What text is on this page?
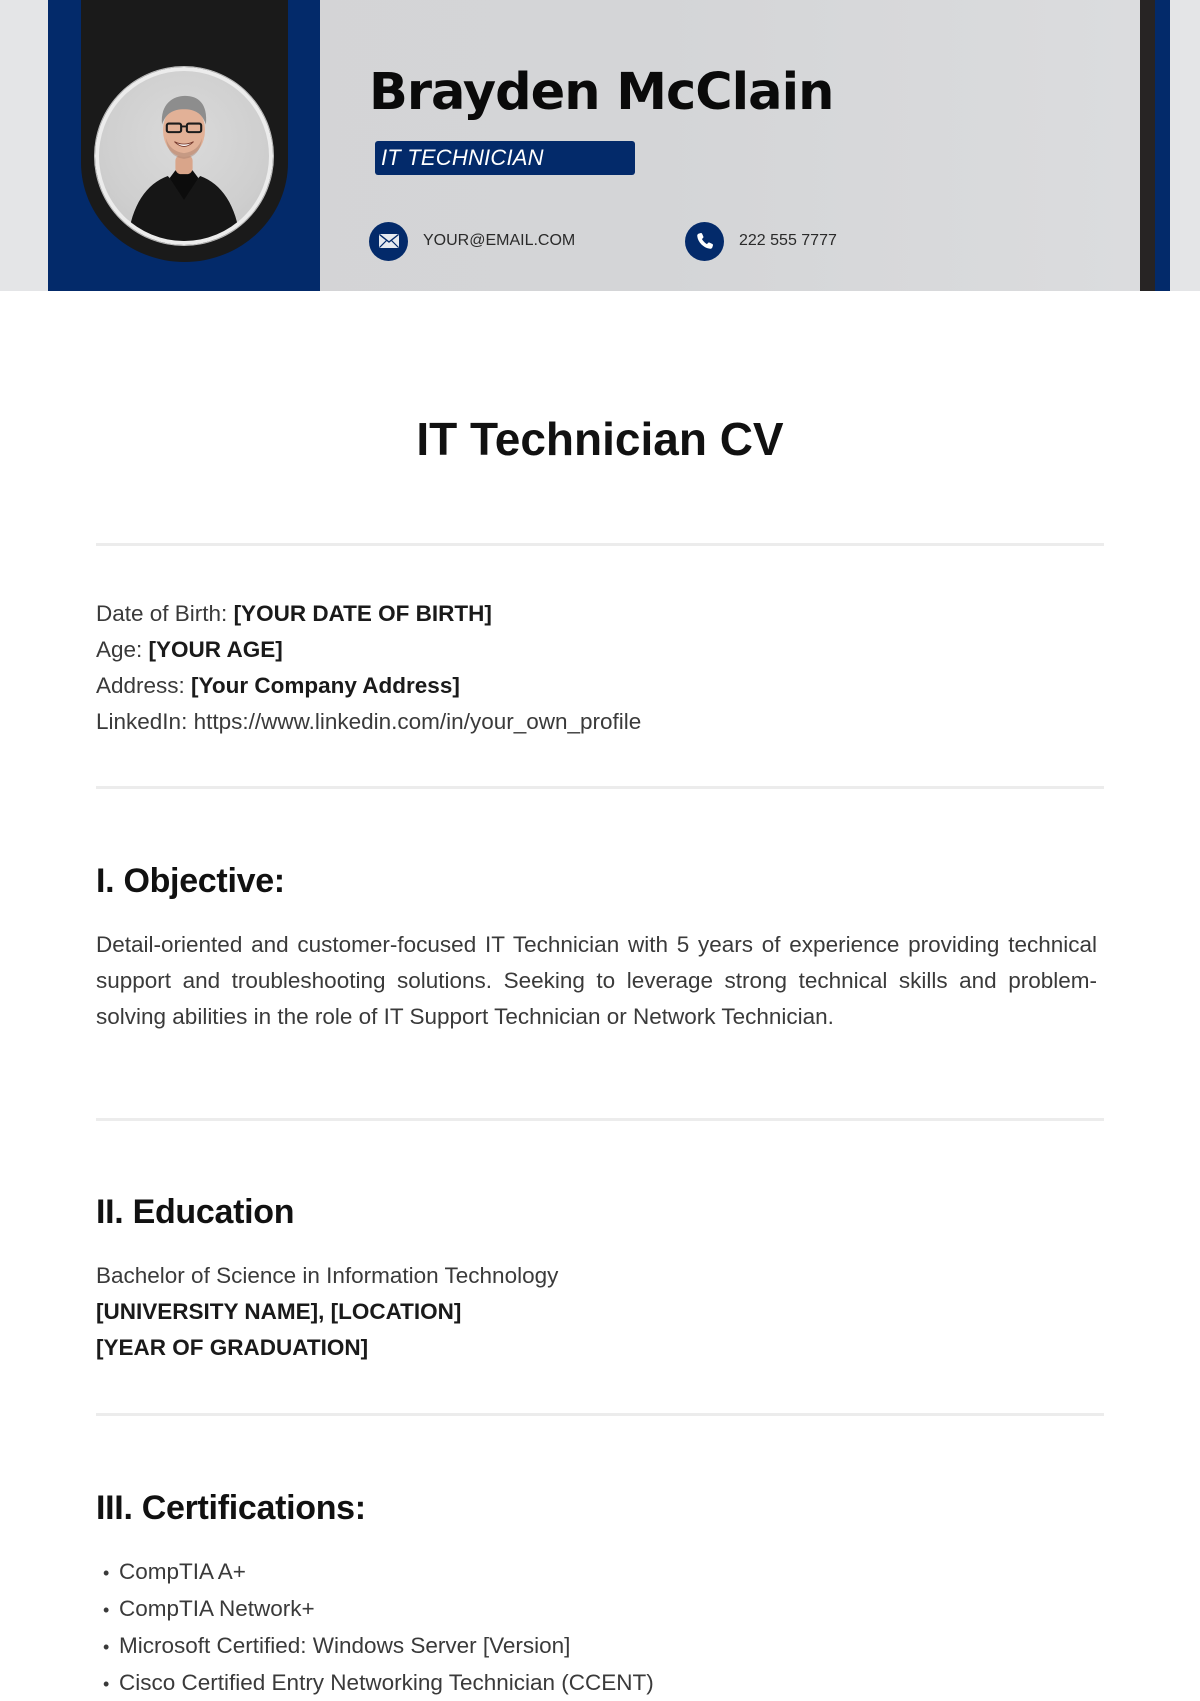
Brayden McClain
IT TECHNICIAN
YOUR@EMAIL.COM	222 555 7777
IT Technician CV
Date of Birth: [YOUR DATE OF BIRTH]
Age: [YOUR AGE]
Address: [Your Company Address]
LinkedIn: https://www.linkedin.com/in/your_own_profile
I. Objective:

Detail-oriented and customer-focused IT Technician with 5 years of experience providing technical support and troubleshooting solutions. Seeking to leverage strong technical skills and problem-solving abilities in the role of IT Support Technician or Network Technician.

II. Education
Bachelor of Science in Information Technology
[UNIVERSITY NAME], [LOCATION]
[YEAR OF GRADUATION]
III. Certifications:
• CompTIA A+
• CompTIA Network+
• Microsoft Certified: Windows Server [Version]
• Cisco Certified Entry Networking Technician (CCENT)
